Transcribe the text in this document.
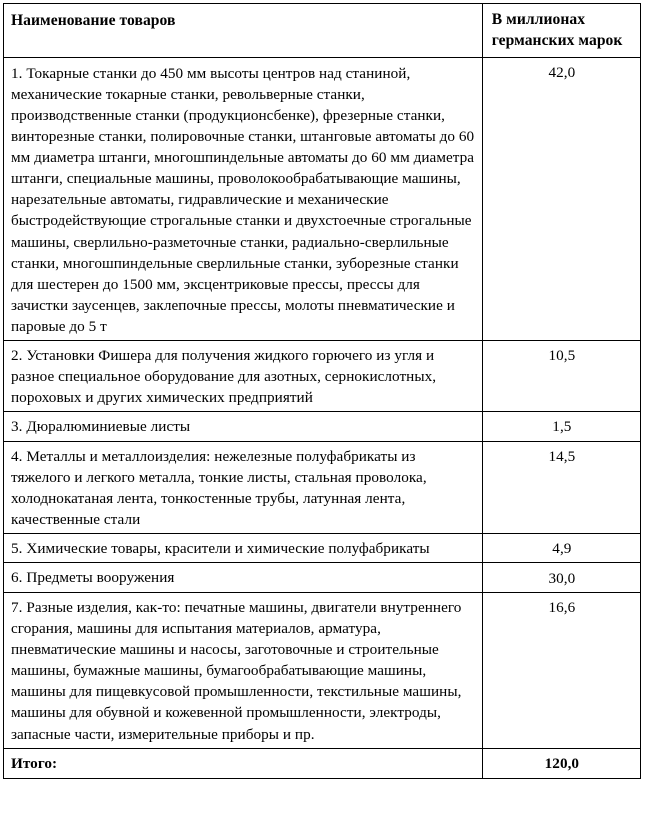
Наименование товаров	В миллионах германских марок
1. Токарные станки до 450 мм высоты центров над станиной, механические токарные станки, револьверные станки, производственные станки (продукционсбенке), фрезерные станки, винторезные станки, полировочные станки, штанговые автоматы до 60 мм диаметра штанги, многошпиндельные автоматы до 60 мм диаметра штанги, специальные машины, проволокообрабатывающие машины, нарезательные автоматы, гидравлические и механические быстродействующие строгальные станки и двухстоечные строгальные машины, сверлильно-разметочные станки, радиально-сверлильные станки, многошпиндельные сверлильные станки, зуборезные станки для шестерен до 1500 мм, эксцентриковые прессы, прессы для зачистки заусенцев, заклепочные прессы, молоты пневматические и паровые до 5 т	42,0
2. Установки Фишера для получения жидкого горючего из угля и разное специальное оборудование для азотных, сернокислотных, пороховых и других химических предприятий	10,5
3. Дюралюминиевые листы	1,5
4. Металлы и металлоизделия: нежелезные полуфабрикаты из тяжелого и легкого металла, тонкие листы, стальная проволока, холоднокатаная лента, тонкостенные трубы, латунная лента, качественные стали	14,5
5. Химические товары, красители и химические полуфабрикаты	4,9
6. Предметы вооружения	30,0
7. Разные изделия, как-то: печатные машины, двигатели внутреннего сгорания, машины для испытания материалов, арматура, пневматические машины и насосы, заготовочные и строительные машины, бумажные машины, бумагообрабатывающие машины, машины для пищевкусовой промышленности, текстильные машины, машины для обувной и кожевенной промышленности, электроды, запасные части, измерительные приборы и пр.	16,6
Итого:	120,0
